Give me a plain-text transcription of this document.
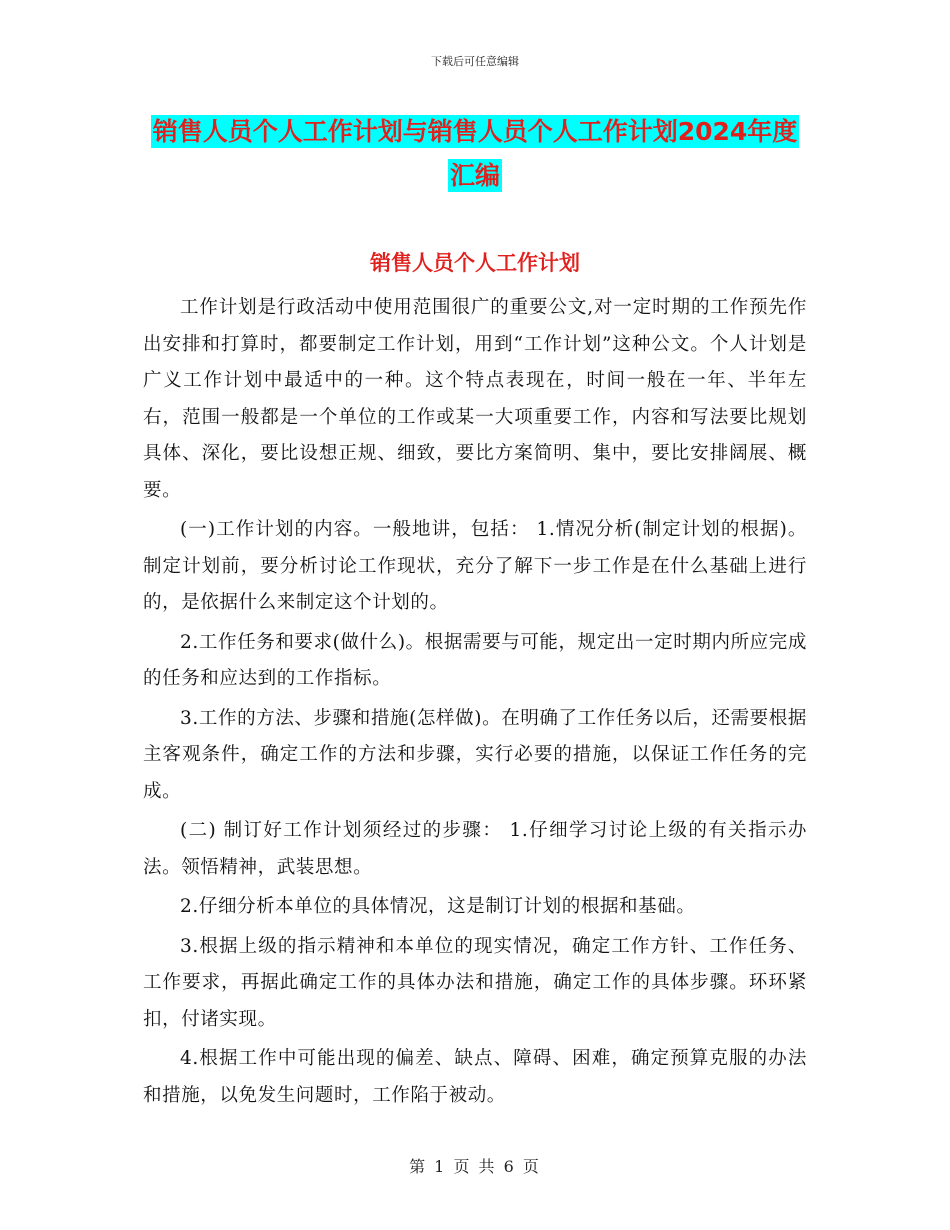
下载后可任意编辑
销售人员个人工作计划与销售人员个人工作计划2024年度汇编
销售人员个人工作计划

工作计划是行政活动中使用范围很广的重要公文,对一定时期的工作预先作出安排和打算时，都要制定工作计划，用到“工作计划”这种公文。个人计划是广义工作计划中最适中的一种。这个特点表现在，时间一般在一年、半年左右，范围一般都是一个单位的工作或某一大项重要工作，内容和写法要比规划具体、深化，要比设想正规、细致，要比方案简明、集中，要比安排阔展、概要。

(一)工作计划的内容。一般地讲，包括： 1.情况分析(制定计划的根据)。制定计划前，要分析讨论工作现状，充分了解下一步工作是在什么基础上进行的，是依据什么来制定这个计划的。

2.工作任务和要求(做什么)。根据需要与可能，规定出一定时期内所应完成的任务和应达到的工作指标。

3.工作的方法、步骤和措施(怎样做)。在明确了工作任务以后，还需要根据主客观条件，确定工作的方法和步骤，实行必要的措施，以保证工作任务的完成。

(二) 制订好工作计划须经过的步骤： 1.仔细学习讨论上级的有关指示办法。领悟精神，武装思想。

2.仔细分析本单位的具体情况，这是制订计划的根据和基础。

3.根据上级的指示精神和本单位的现实情况，确定工作方针、工作任务、工作要求，再据此确定工作的具体办法和措施，确定工作的具体步骤。环环紧扣，付诸实现。

4.根据工作中可能出现的偏差、缺点、障碍、困难，确定预算克服的办法和措施，以免发生问题时，工作陷于被动。

第 1 页 共 6 页
